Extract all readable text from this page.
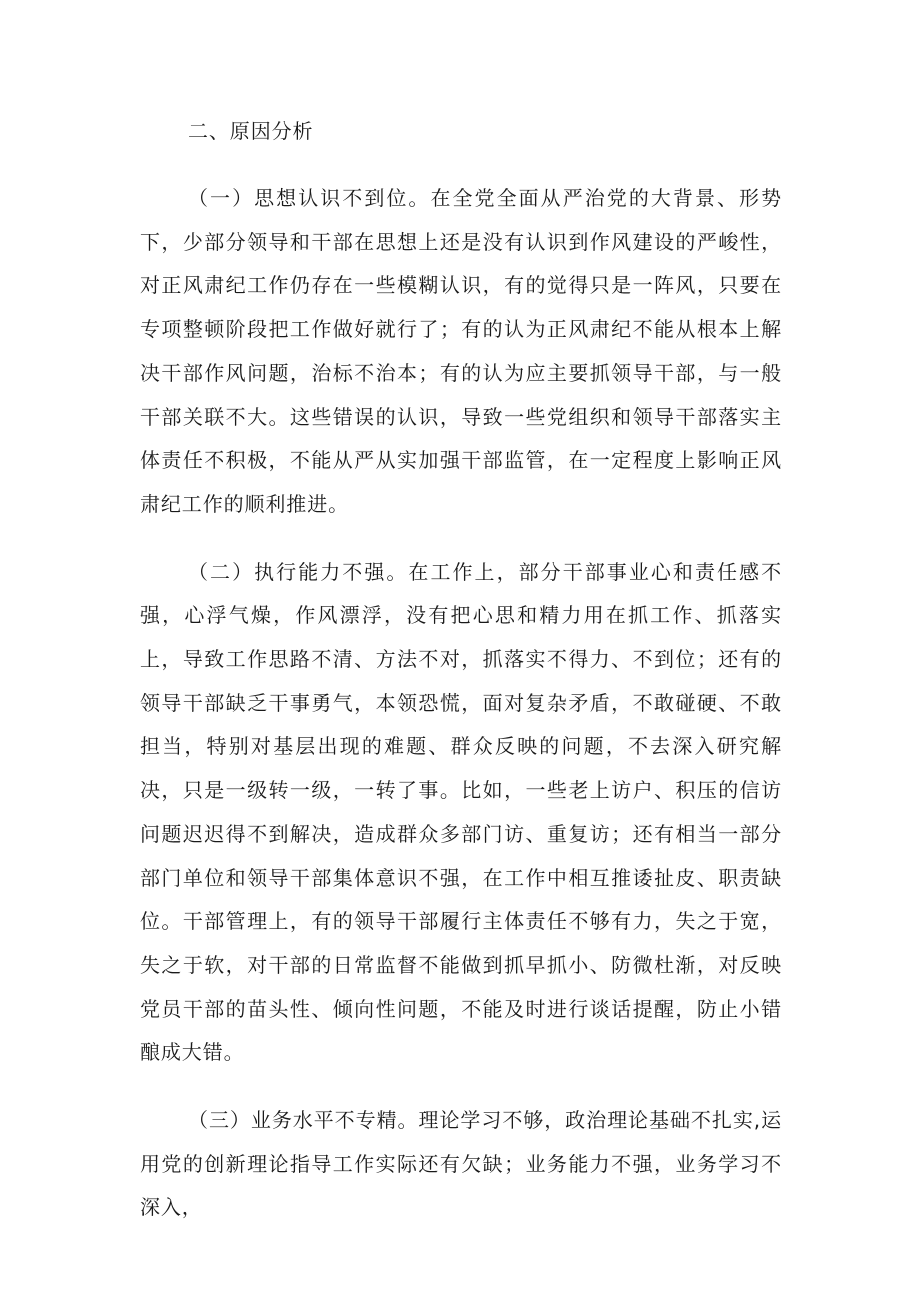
二、原因分析

（一）思想认识不到位。在全党全面从严治党的大背景、形势下，少部分领导和干部在思想上还是没有认识到作风建设的严峻性，对正风肃纪工作仍存在一些模糊认识，有的觉得只是一阵风，只要在专项整顿阶段把工作做好就行了；有的认为正风肃纪不能从根本上解决干部作风问题，治标不治本；有的认为应主要抓领导干部，与一般干部关联不大。这些错误的认识，导致一些党组织和领导干部落实主体责任不积极，不能从严从实加强干部监管，在一定程度上影响正风肃纪工作的顺利推进。

（二）执行能力不强。在工作上，部分干部事业心和责任感不强，心浮气燥，作风漂浮，没有把心思和精力用在抓工作、抓落实上，导致工作思路不清、方法不对，抓落实不得力、不到位；还有的领导干部缺乏干事勇气，本领恐慌，面对复杂矛盾，不敢碰硬、不敢担当，特别对基层出现的难题、群众反映的问题，不去深入研究解决，只是一级转一级，一转了事。比如，一些老上访户、积压的信访问题迟迟得不到解决，造成群众多部门访、重复访；还有相当一部分部门单位和领导干部集体意识不强，在工作中相互推诿扯皮、职责缺位。干部管理上，有的领导干部履行主体责任不够有力，失之于宽，失之于软，对干部的日常监督不能做到抓早抓小、防微杜渐，对反映党员干部的苗头性、倾向性问题，不能及时进行谈话提醒，防止小错酿成大错。

（三）业务水平不专精。理论学习不够，政治理论基础不扎实,运用党的创新理论指导工作实际还有欠缺；业务能力不强，业务学习不深入，
